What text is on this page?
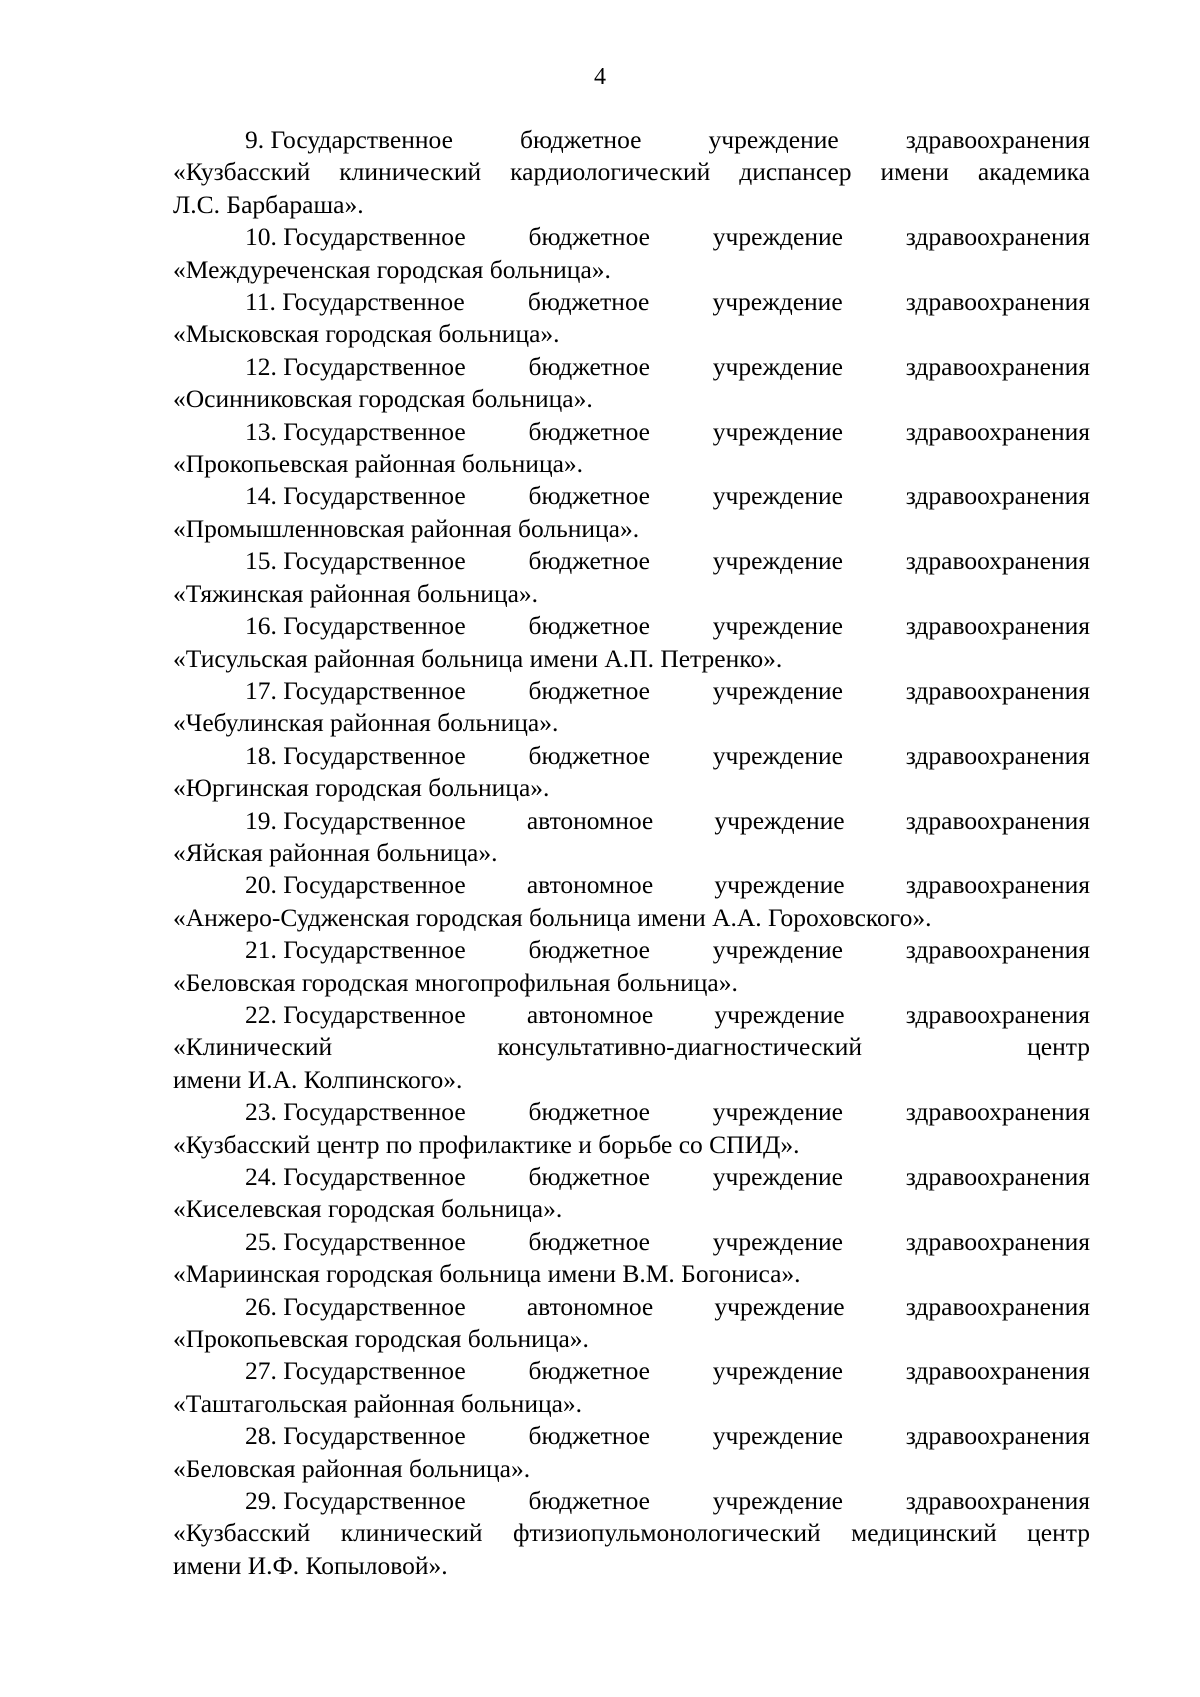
4
9. Государственное	бюджетное	учреждение	здравоохранения
«Кузбасский клинический кардиологический диспансер имени академика
Л.С. Барбараша».
10. Государственное бюджетное учреждение здравоохранения
«Междуреченская городская больница».
11. Государственное бюджетное учреждение здравоохранения
«Мысковская городская больница».
12. Государственное бюджетное учреждение здравоохранения
«Осинниковская городская больница».
13. Государственное бюджетное учреждение здравоохранения
«Прокопьевская районная больница».
14. Государственное бюджетное учреждение здравоохранения
«Промышленновская районная больница».
15. Государственное бюджетное учреждение здравоохранения
«Тяжинская районная больница».
16. Государственное бюджетное учреждение здравоохранения
«Тисульская районная больница имени А.П. Петренко».
17. Государственное бюджетное учреждение здравоохранения
«Чебулинская районная больница».
18. Государственное бюджетное учреждение здравоохранения
«Юргинская городская больница».
19. Государственное автономное учреждение здравоохранения
«Яйская районная больница».
20. Государственное автономное учреждение здравоохранения
«Анжеро-Судженская городская больница имени А.А. Гороховского».
21. Государственное бюджетное учреждение здравоохранения
«Беловская городская многопрофильная больница».
22. Государственное автономное учреждение здравоохранения
«Клинический	консультативно-диагностический	центр
имени И.А. Колпинского».
23. Государственное бюджетное учреждение здравоохранения
«Кузбасский центр по профилактике и борьбе со СПИД».
24. Государственное бюджетное учреждение здравоохранения
«Киселевская городская больница».
25. Государственное бюджетное учреждение здравоохранения
«Мариинская городская больница имени В.М. Богониса».
26. Государственное автономное учреждение здравоохранения
«Прокопьевская городская больница».
27. Государственное бюджетное учреждение здравоохранения
«Таштагольская районная больница».
28. Государственное бюджетное учреждение здравоохранения
«Беловская районная больница».
29. Государственное бюджетное учреждение здравоохранения
«Кузбасский клинический фтизиопульмонологический медицинский центр
имени И.Ф. Копыловой».
